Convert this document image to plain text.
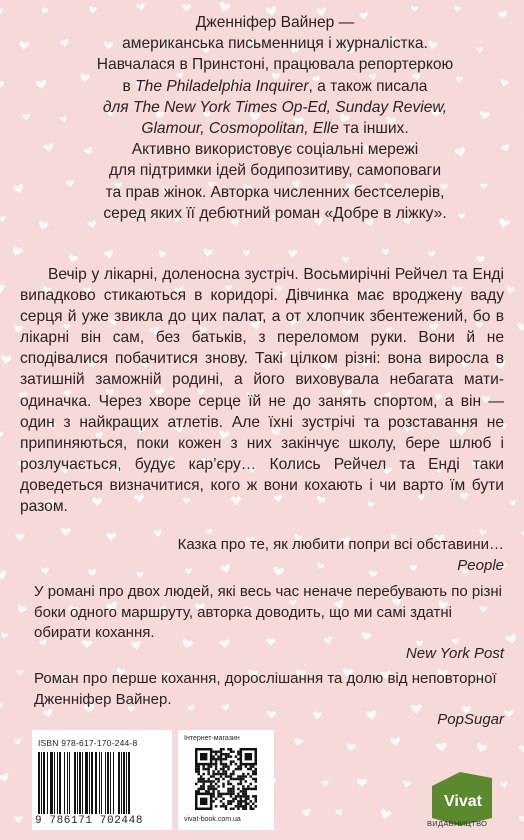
Дженніфер Вайнер —

американська письменниця і журналістка.

Навчалася в Принстоні, працювала репортеркою

в The Philadelphia Inquirer, а також писала

для The New York Times Op-Ed, Sunday Review,

Glamour, Cosmopolitan, Elle та інших.

Активно використовує соціальні мережі

для підтримки ідей бодипозитиву, самоповаги

та прав жінок. Авторка численних бестселерів,

серед яких її дебютний роман «Добре в ліжку».

Вечір у лікарні, доленосна зустріч. Восьмирічні Рейчел та Енді випадково стикаються в коридорі. Дівчинка має вроджену ваду серця й уже звикла до цих палат, а от хлопчик збентежений, бо в лікарні він сам, без батьків, з переломом руки. Вони й не сподівалися побачитися знову. Такі цілком різні: вона виросла в затишній заможній родині, а його виховувала небагата мати-одиначка. Через хворе серце їй не до занять спортом, а він — один з найкращих атлетів. Але їхні зустрічі та розставання не припиняються, поки кожен з них закінчує школу, бере шлюб і розлучається, будує кар’єру… Колись Рейчел та Енді таки доведеться визначитися, кого ж вони кохають і чи варто їм бути разом.

Казка про те, як любити попри всі обставини…
People
У романі про двох людей, які весь час неначе перебувають по різні боки одного маршруту, авторка доводить, що ми самі здатні обирати кохання.
New York Post
Роман про перше кохання, дорослішання та долю від неповторної Дженніфер Вайнер.
PopSugar
ISBN 978-617-170-244-8
9 786171 702448
Інтернет-магазин
vivat-book.com.ua
Vivat
ВИДАВНИЦТВО
